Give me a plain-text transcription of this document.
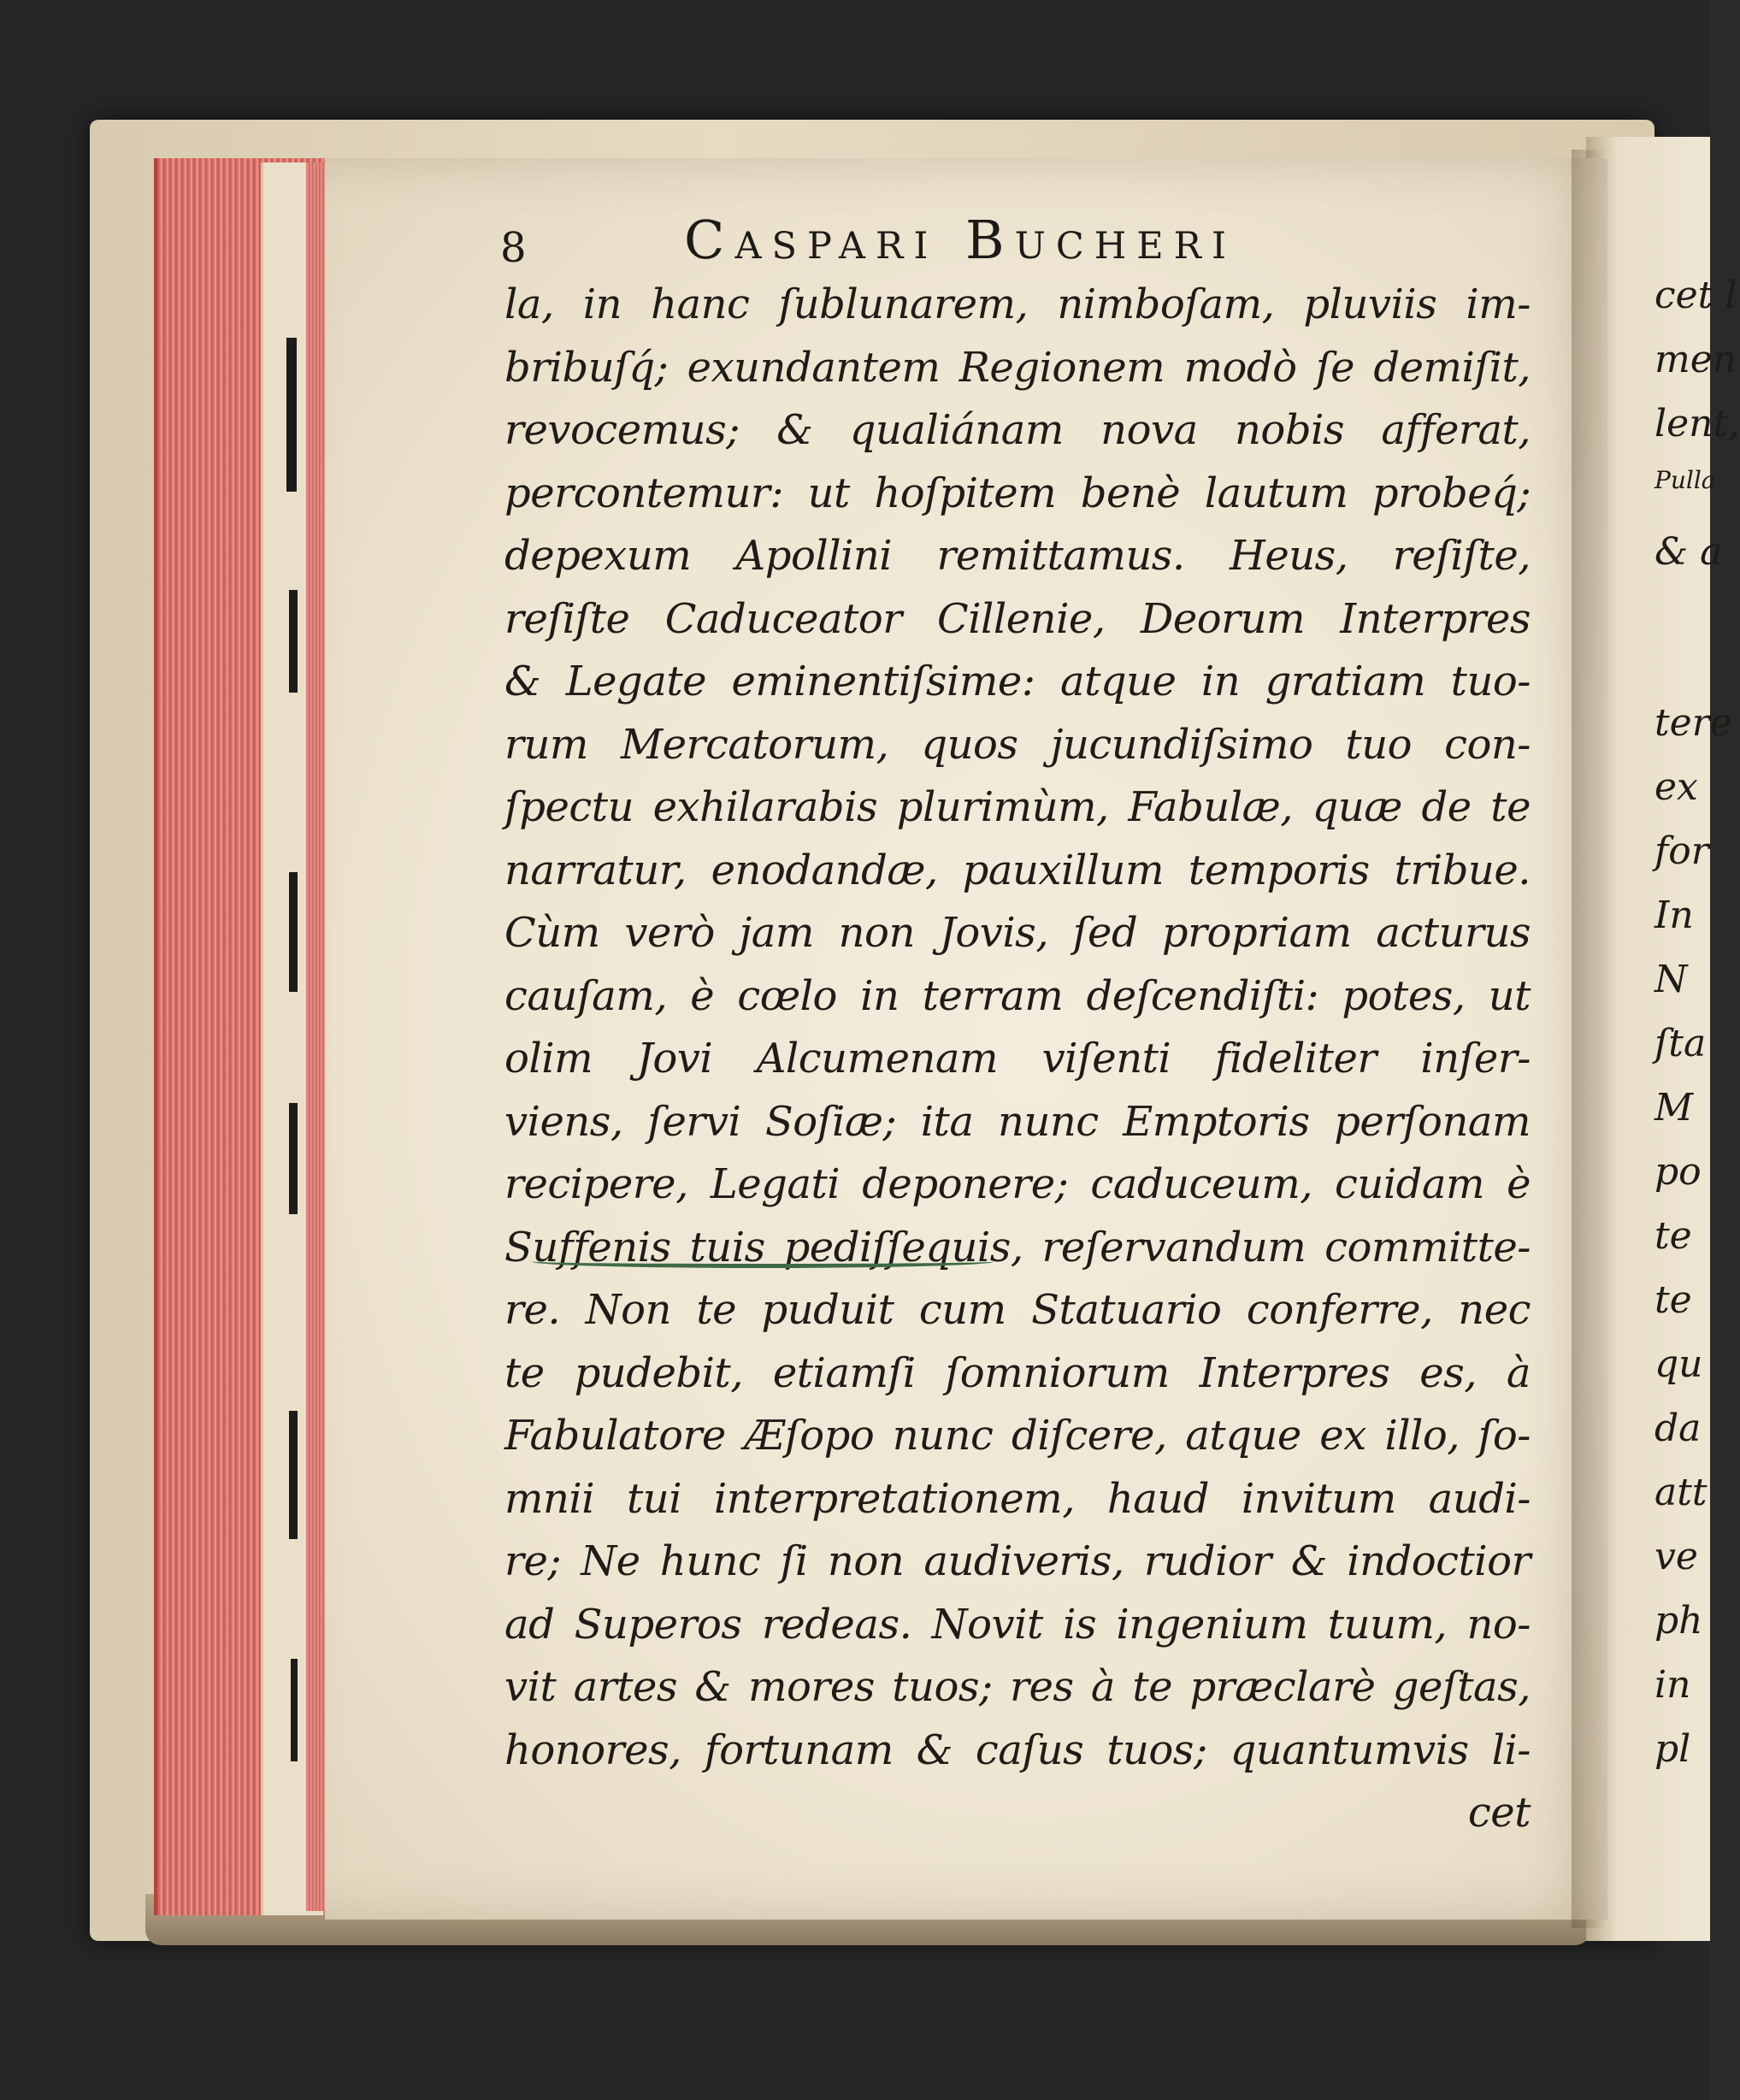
8	Caspari Bucheri
la, in hanc ſublunarem, nimboſam, pluviis im-
bribuſq́; exundantem Regionem modò ſe demiſit,
revocemus; & qualiánam nova nobis afferat,
percontemur: ut hoſpitem benè lautum probeq́;
depexum Apollini remittamus. Heus, reſiſte,
reſiſte Caduceator Cillenie, Deorum Interpres
& Legate eminentiſsime: atque in gratiam tuo-
rum Mercatorum, quos jucundiſsimo tuo con-
ſpectu exhilarabis plurimùm, Fabulæ, quæ de te
narratur, enodandæ, pauxillum temporis tribue.
Cùm verò jam non Jovis, ſed propriam acturus
cauſam, è cœlo in terram deſcendiſti: potes, ut
olim Jovi Alcumenam viſenti fideliter inſer-
viens, ſervi Soſiæ; ita nunc Emptoris perſonam
recipere, Legati deponere; caduceum, cuidam è
Suffenis tuis pediſſequis, reſervandum committe-
re. Non te puduit cum Statuario conferre, nec
te pudebit, etiamſi ſomniorum Interpres es, à
Fabulatore Æſopo nunc diſcere, atque ex illo, ſo-
mnii tui interpretationem, haud invitum audi-
re; Ne hunc ſi non audiveris, rudior & indoctior
ad Superos redeas. Novit is ingenium tuum, no-
vit artes & mores tuos; res à te præclarè geſtas,
honores, fortunam & caſus tuos; quantumvis li-
cet
cet l
men
lent,
Pulla
& a
tere
ex
for
In
N
ſta
M
po
te
te
qu
da
att
ve
ph
in
pl
